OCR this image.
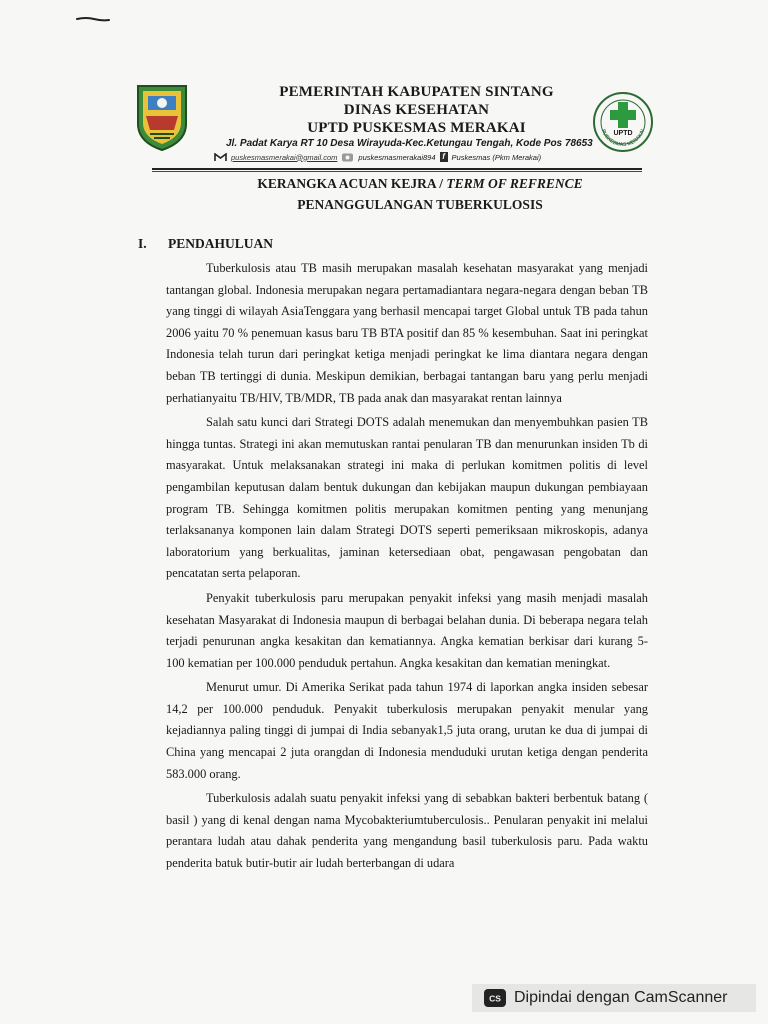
PEMERINTAH KABUPATEN SINTANG
DINAS KESEHATAN
UPTD PUSKESMAS MERAKAI
Jl. Padat Karya RT 10 Desa Wirayuda-Kec.Ketungau Tengah, Kode Pos 78653
puskesmasmerakai@gmail.com	puskesmasmerakai894 f Puskesmas (Pkm Merakai)
PUSKESMAS MERAKAI
UPTD
KERANGKA ACUAN KEJRA / TERM OF REFRENCE
PENANGGULANGAN TUBERKULOSIS
I. PENDAHULUAN

Tuberkulosis atau TB masih merupakan masalah kesehatan masyarakat yang menjadi tantangan global. Indonesia merupakan negara pertamadiantara negara-negara dengan beban TB yang tinggi di wilayah AsiaTenggara yang berhasil mencapai target Global untuk TB pada tahun 2006 yaitu 70 % penemuan kasus baru TB BTA positif dan 85 % kesembuhan. Saat ini peringkat Indonesia telah turun dari peringkat ketiga menjadi peringkat ke lima diantara negara dengan beban TB tertinggi di dunia. Meskipun demikian, berbagai tantangan baru yang perlu menjadi perhatianyaitu TB/HIV, TB/MDR, TB pada anak dan masyarakat rentan lainnya

Salah satu kunci dari Strategi DOTS adalah menemukan dan menyembuhkan pasien TB hingga tuntas. Strategi ini akan memutuskan rantai penularan TB dan menurunkan insiden Tb di masyarakat. Untuk melaksanakan strategi ini maka di perlukan komitmen politis di level pengambilan keputusan dalam bentuk dukungan dan kebijakan maupun dukungan pembiayaan program TB. Sehingga komitmen politis merupakan komitmen penting yang menunjang terlaksananya komponen lain dalam Strategi DOTS seperti pemeriksaan mikroskopis, adanya laboratorium yang berkualitas, jaminan ketersediaan obat, pengawasan pengobatan dan pencatatan serta pelaporan.

Penyakit tuberkulosis paru merupakan penyakit infeksi yang masih menjadi masalah kesehatan Masyarakat di Indonesia maupun di berbagai belahan dunia. Di beberapa negara telah terjadi penurunan angka kesakitan dan kematiannya. Angka kematian berkisar dari kurang 5- 100 kematian per 100.000 penduduk pertahun. Angka kesakitan dan kematian meningkat.

Menurut umur. Di Amerika Serikat pada tahun 1974 di laporkan angka insiden sebesar 14,2 per 100.000 penduduk. Penyakit tuberkulosis merupakan penyakit menular yang kejadiannya paling tinggi di jumpai di India sebanyak1,5 juta orang, urutan ke dua di jumpai di China yang mencapai 2 juta orangdan di Indonesia menduduki urutan ketiga dengan penderita 583.000 orang.

Tuberkulosis adalah suatu penyakit infeksi yang di sebabkan bakteri berbentuk batang ( basil ) yang di kenal dengan nama Mycobakteriumtuberculosis.. Penularan penyakit ini melalui perantara ludah atau dahak penderita yang mengandung basil tuberkulosis paru. Pada waktu penderita batuk butir-butir air ludah berterbangan di udara

CS Dipindai dengan CamScanner
